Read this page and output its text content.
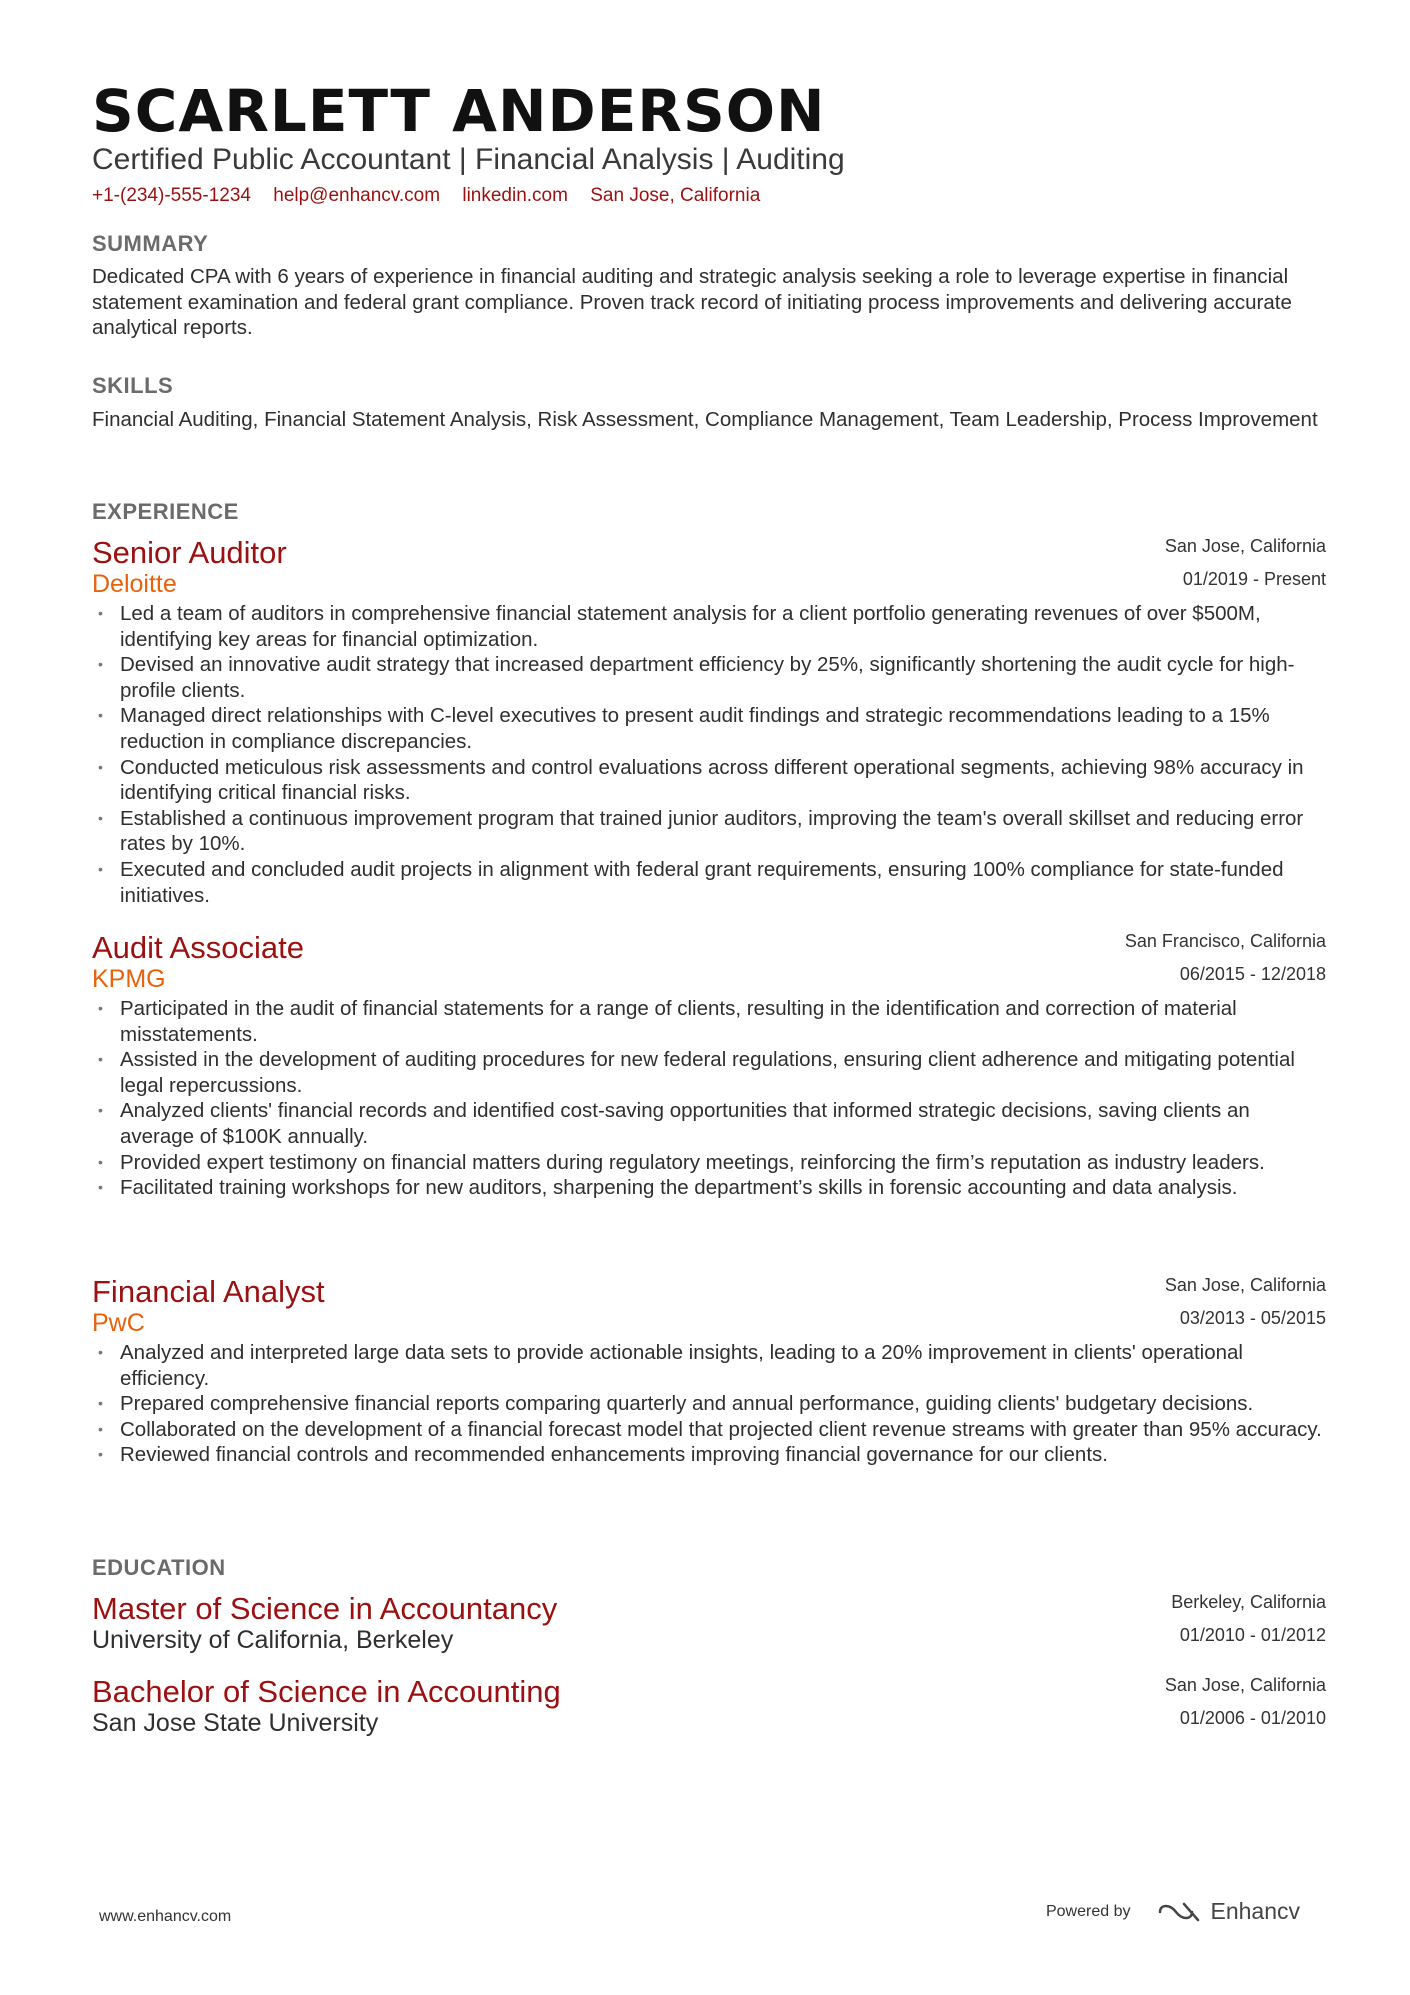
SCARLETT ANDERSON
Certified Public Accountant | Financial Analysis | Auditing
+1-(234)-555-1234 help@enhancv.com linkedin.com San Jose, California
SUMMARY
Dedicated CPA with 6 years of experience in financial auditing and strategic analysis seeking a role to leverage expertise in financial statement examination and federal grant compliance. Proven track record of initiating process improvements and delivering accurate analytical reports.
SKILLS
Financial Auditing, Financial Statement Analysis, Risk Assessment, Compliance Management, Team Leadership, Process Improvement
EXPERIENCE
Senior Auditor
Deloitte
San Jose, California
01/2019 - Present
• Led a team of auditors in comprehensive financial statement analysis for a client portfolio generating revenues of over $500M, identifying key areas for financial optimization.
• Devised an innovative audit strategy that increased department efficiency by 25%, significantly shortening the audit cycle for high-profile clients.
• Managed direct relationships with C-level executives to present audit findings and strategic recommendations leading to a 15% reduction in compliance discrepancies.
• Conducted meticulous risk assessments and control evaluations across different operational segments, achieving 98% accuracy in identifying critical financial risks.
• Established a continuous improvement program that trained junior auditors, improving the team's overall skillset and reducing error rates by 10%.
• Executed and concluded audit projects in alignment with federal grant requirements, ensuring 100% compliance for state-funded initiatives.
Audit Associate
KPMG
San Francisco, California
06/2015 - 12/2018
• Participated in the audit of financial statements for a range of clients, resulting in the identification and correction of material misstatements.
• Assisted in the development of auditing procedures for new federal regulations, ensuring client adherence and mitigating potential legal repercussions.
• Analyzed clients' financial records and identified cost-saving opportunities that informed strategic decisions, saving clients an average of $100K annually.
• Provided expert testimony on financial matters during regulatory meetings, reinforcing the firm’s reputation as industry leaders.
• Facilitated training workshops for new auditors, sharpening the department’s skills in forensic accounting and data analysis.
Financial Analyst
PwC
San Jose, California
03/2013 - 05/2015
• Analyzed and interpreted large data sets to provide actionable insights, leading to a 20% improvement in clients' operational efficiency.
• Prepared comprehensive financial reports comparing quarterly and annual performance, guiding clients' budgetary decisions.
• Collaborated on the development of a financial forecast model that projected client revenue streams with greater than 95% accuracy.
• Reviewed financial controls and recommended enhancements improving financial governance for our clients.
EDUCATION
Master of Science in Accountancy
University of California, Berkeley
Berkeley, California
01/2010 - 01/2012
Bachelor of Science in Accounting
San Jose State University
San Jose, California
01/2006 - 01/2010
www.enhancv.com	Powered by	Enhancv
